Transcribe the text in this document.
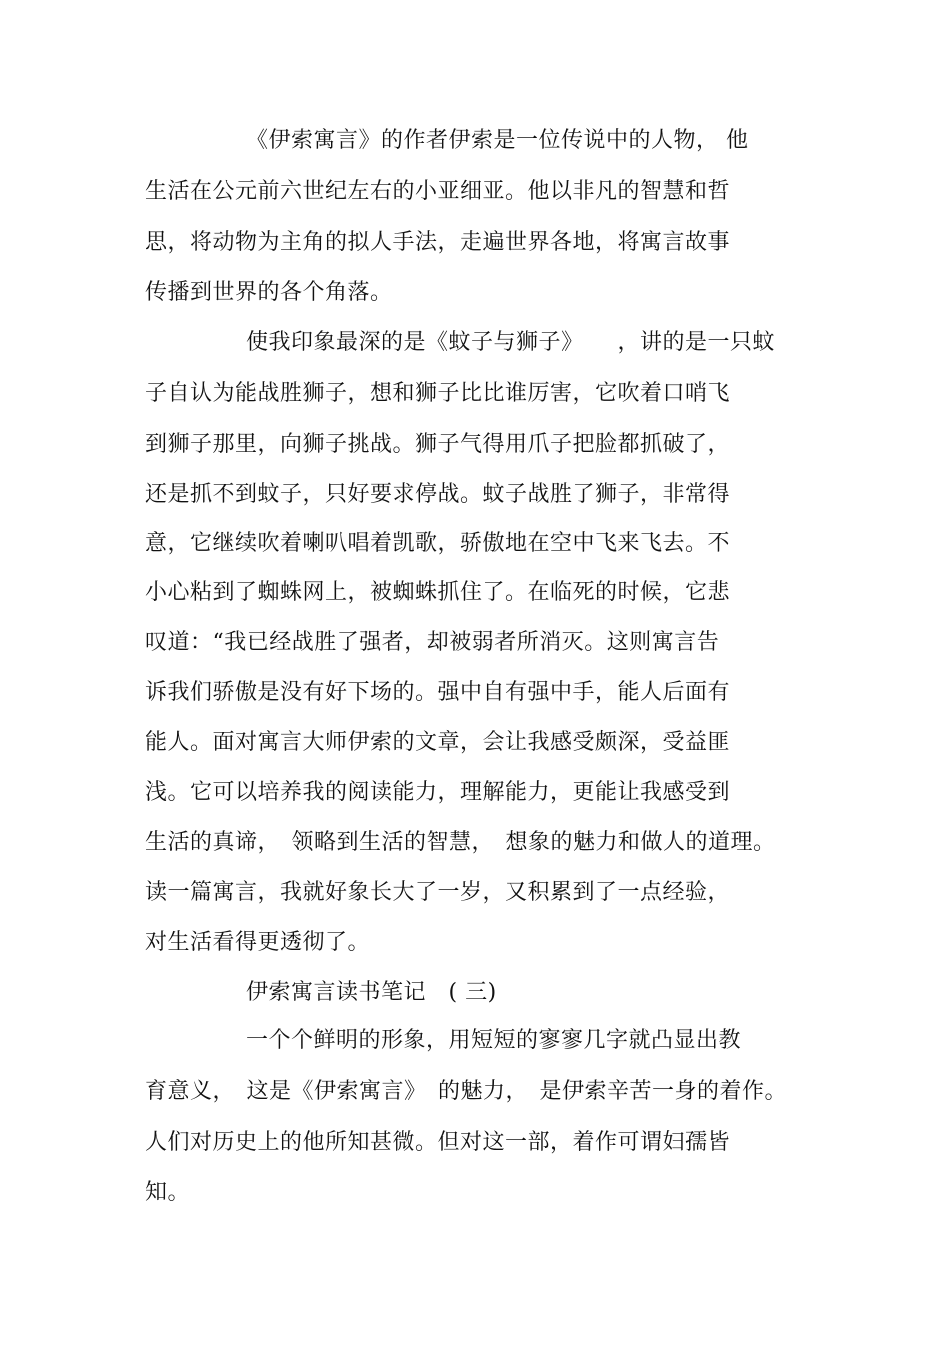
《伊索寓言》的作者伊索是一位传说中的人物， 他
生活在公元前六世纪左右的小亚细亚。他以非凡的智慧和哲
思，将动物为主角的拟人手法，走遍世界各地，将寓言故事
传播到世界的各个角落。
使我印象最深的是《蚊子与狮子》　　，讲的是一只蚊
子自认为能战胜狮子，想和狮子比比谁厉害，它吹着口哨飞
到狮子那里，向狮子挑战。狮子气得用爪子把脸都抓破了，
还是抓不到蚊子，只好要求停战。蚊子战胜了狮子，非常得
意，它继续吹着喇叭唱着凯歌，骄傲地在空中飞来飞去。不
小心粘到了蜘蛛网上，被蜘蛛抓住了。在临死的时候，它悲
叹道：“我已经战胜了强者，却被弱者所消灭。这则寓言告
诉我们骄傲是没有好下场的。强中自有强中手，能人后面有
能人。面对寓言大师伊索的文章，会让我感受颇深，受益匪
浅。它可以培养我的阅读能力，理解能力，更能让我感受到
生活的真谛，　领略到生活的智慧，　想象的魅力和做人的道理。
读一篇寓言，我就好象长大了一岁，又积累到了一点经验，
对生活看得更透彻了。
伊索寓言读书笔记　( 三)
一个个鲜明的形象，用短短的寥寥几字就凸显出教
育意义，　这是《伊索寓言》　的魅力，　是伊索辛苦一身的着作。
人们对历史上的他所知甚微。但对这一部，着作可谓妇孺皆
知。
